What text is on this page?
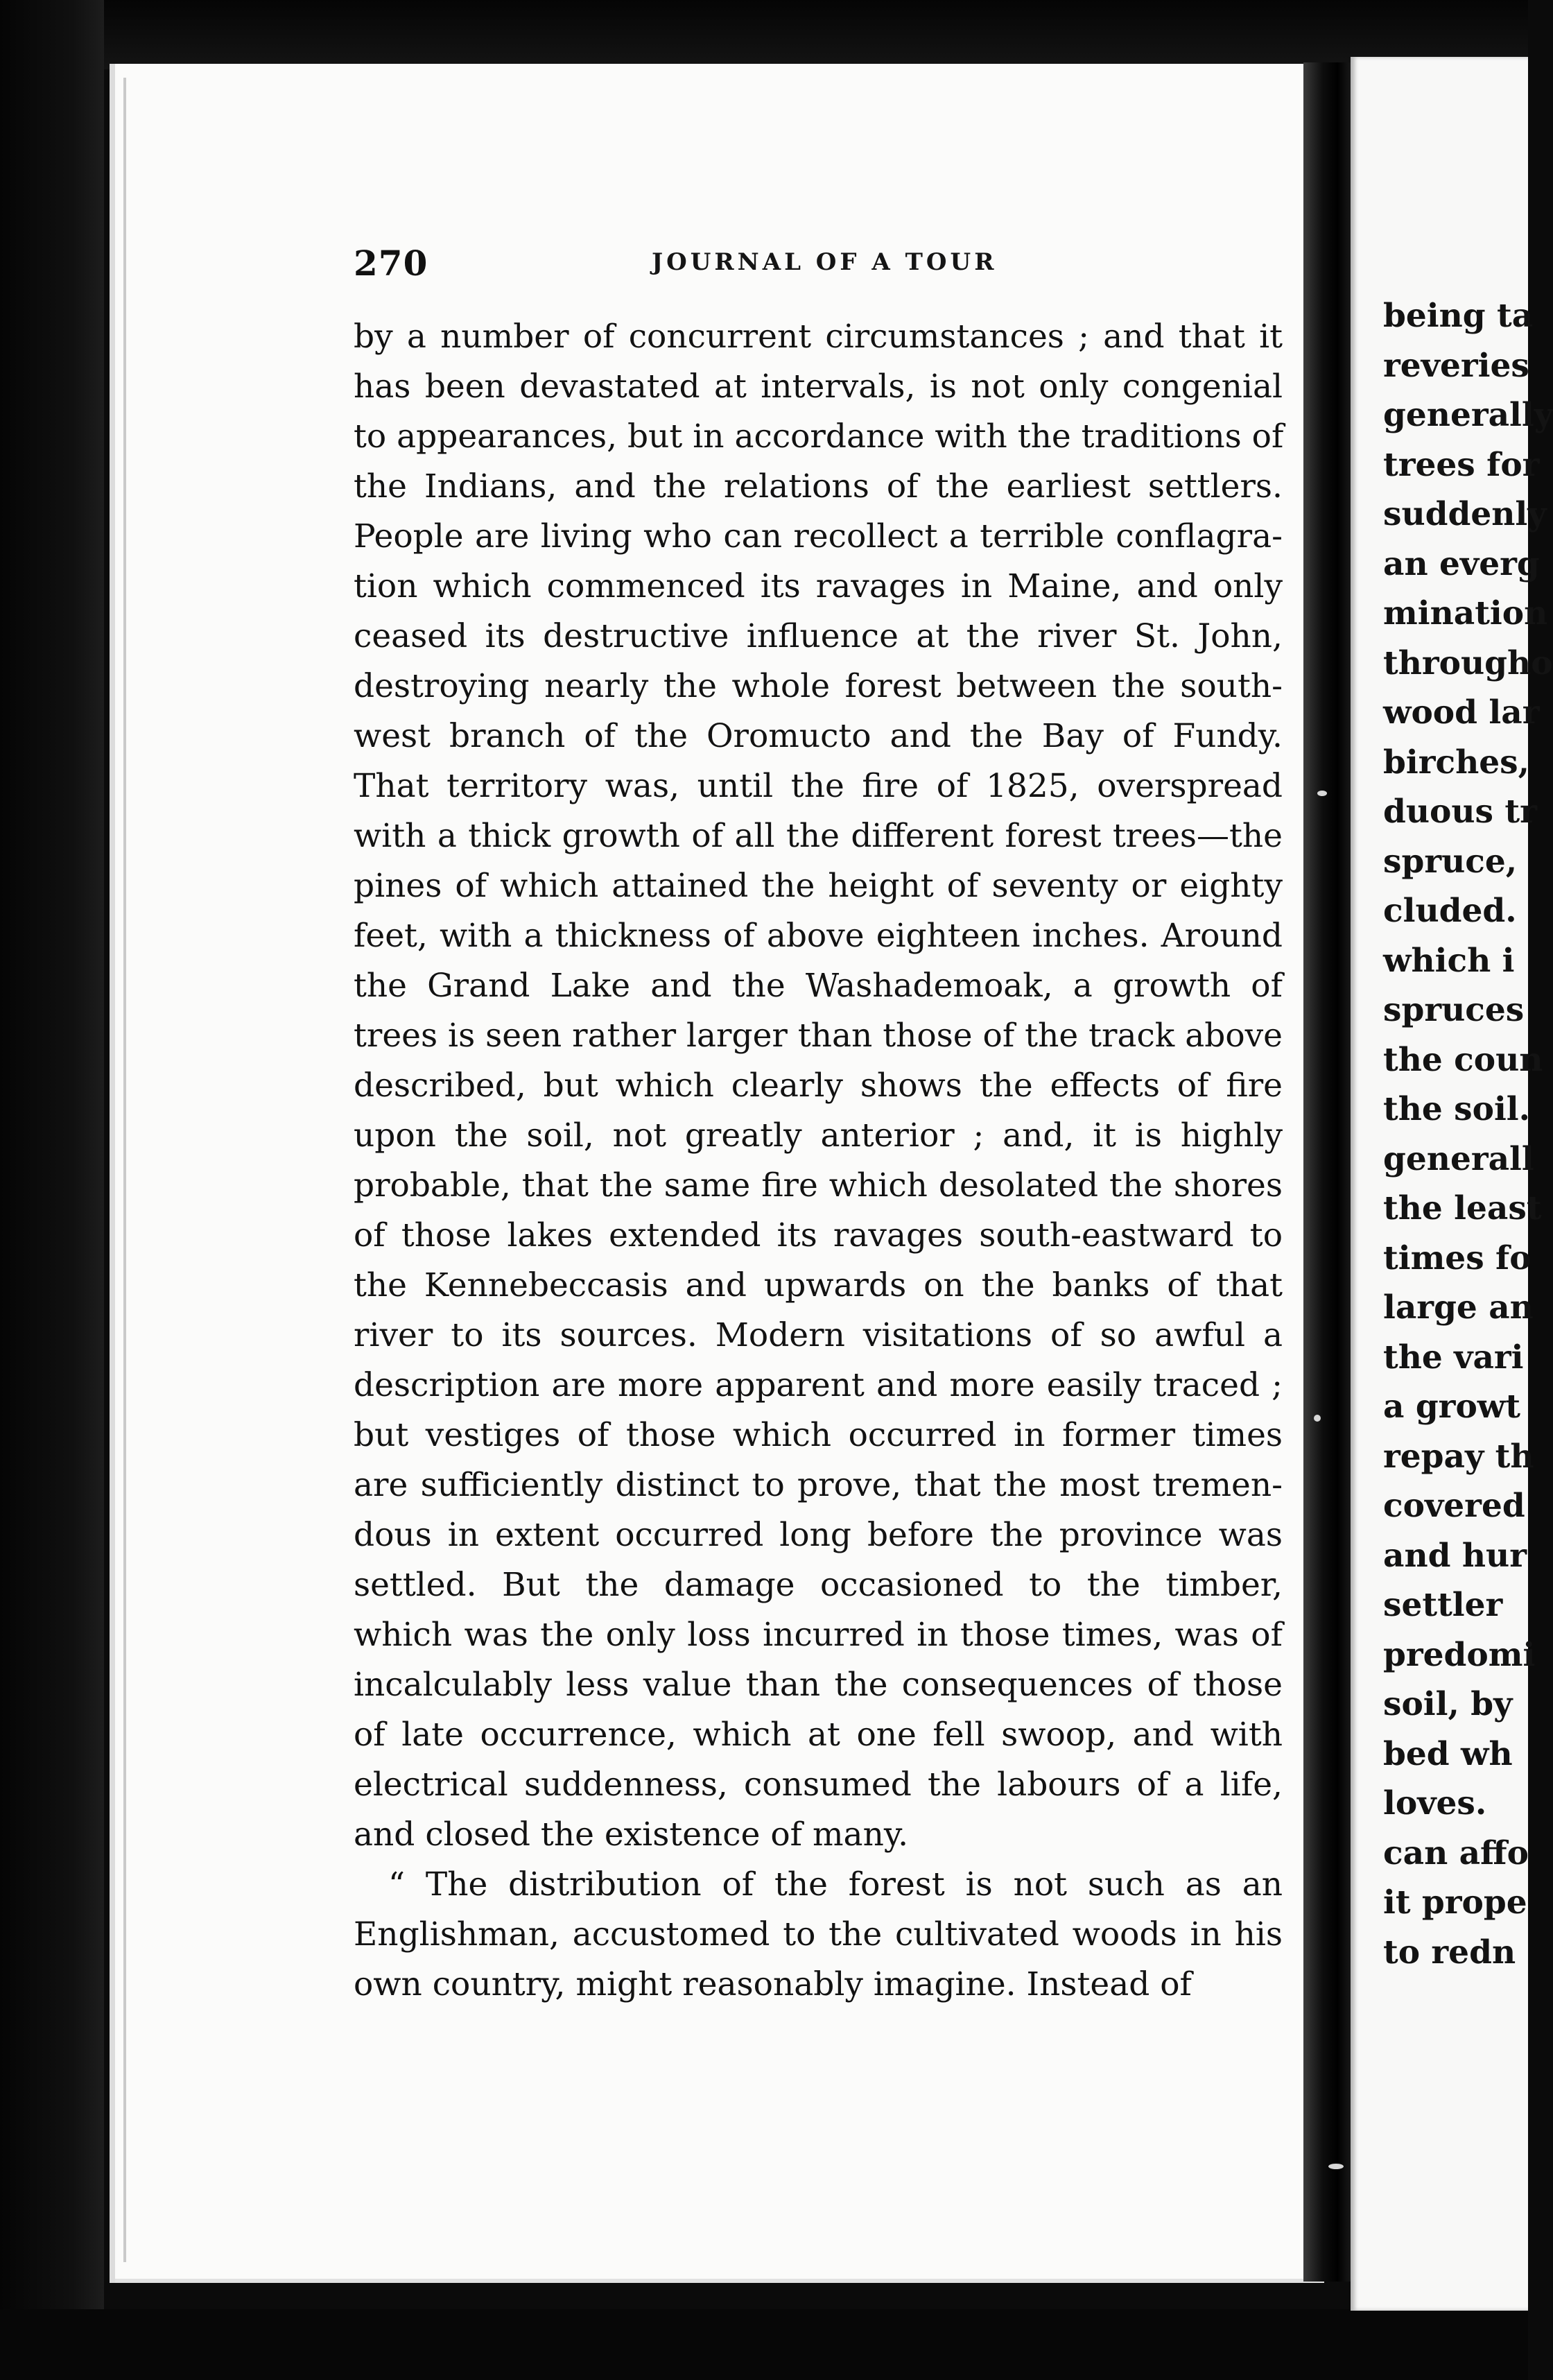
270	JOURNAL OF A TOUR
by a number of concurrent circumstances ; and that it
has been devastated at intervals, is not only congenial
to appearances, but in accordance with the traditions of
the Indians, and the relations of the earliest settlers.
People are living who can recollect a terrible conflagra-
tion which commenced its ravages in Maine, and only
ceased its destructive influence at the river St. John,
destroying nearly the whole forest between the south-
west branch of the Oromucto and the Bay of Fundy.
That territory was, until the fire of 1825, overspread
with a thick growth of all the different forest trees—the
pines of which attained the height of seventy or eighty
feet, with a thickness of above eighteen inches. Around
the Grand Lake and the Washademoak, a growth of
trees is seen rather larger than those of the track above
described, but which clearly shows the effects of fire
upon the soil, not greatly anterior ; and, it is highly
probable, that the same fire which desolated the shores
of those lakes extended its ravages south-eastward to
the Kennebeccasis and upwards on the banks of that
river to its sources. Modern visitations of so awful a
description are more apparent and more easily traced ;
but vestiges of those which occurred in former times
are sufficiently distinct to prove, that the most tremen-
dous in extent occurred long before the province was
settled. But the damage occasioned to the timber,
which was the only loss incurred in those times, was of
incalculably less value than the consequences of those
of late occurrence, which at one fell swoop, and with
electrical suddenness, consumed the labours of a life,
and closed the existence of many.
“ The distribution of the forest is not such as an
Englishman, accustomed to the cultivated woods in his
own country, might reasonably imagine. Instead of
being ta
reveries
generally
trees for
suddenly
an everg
mination
througho
wood lar
birches,
duous tr
spruce,
cluded.
which i
spruces
the coun
the soil.
generall
the least
times fo
large an
the vari
a growt
repay th
covered
and hur
settler
predomi
soil, by
bed wh
loves.
can affo
it prope
to redn
